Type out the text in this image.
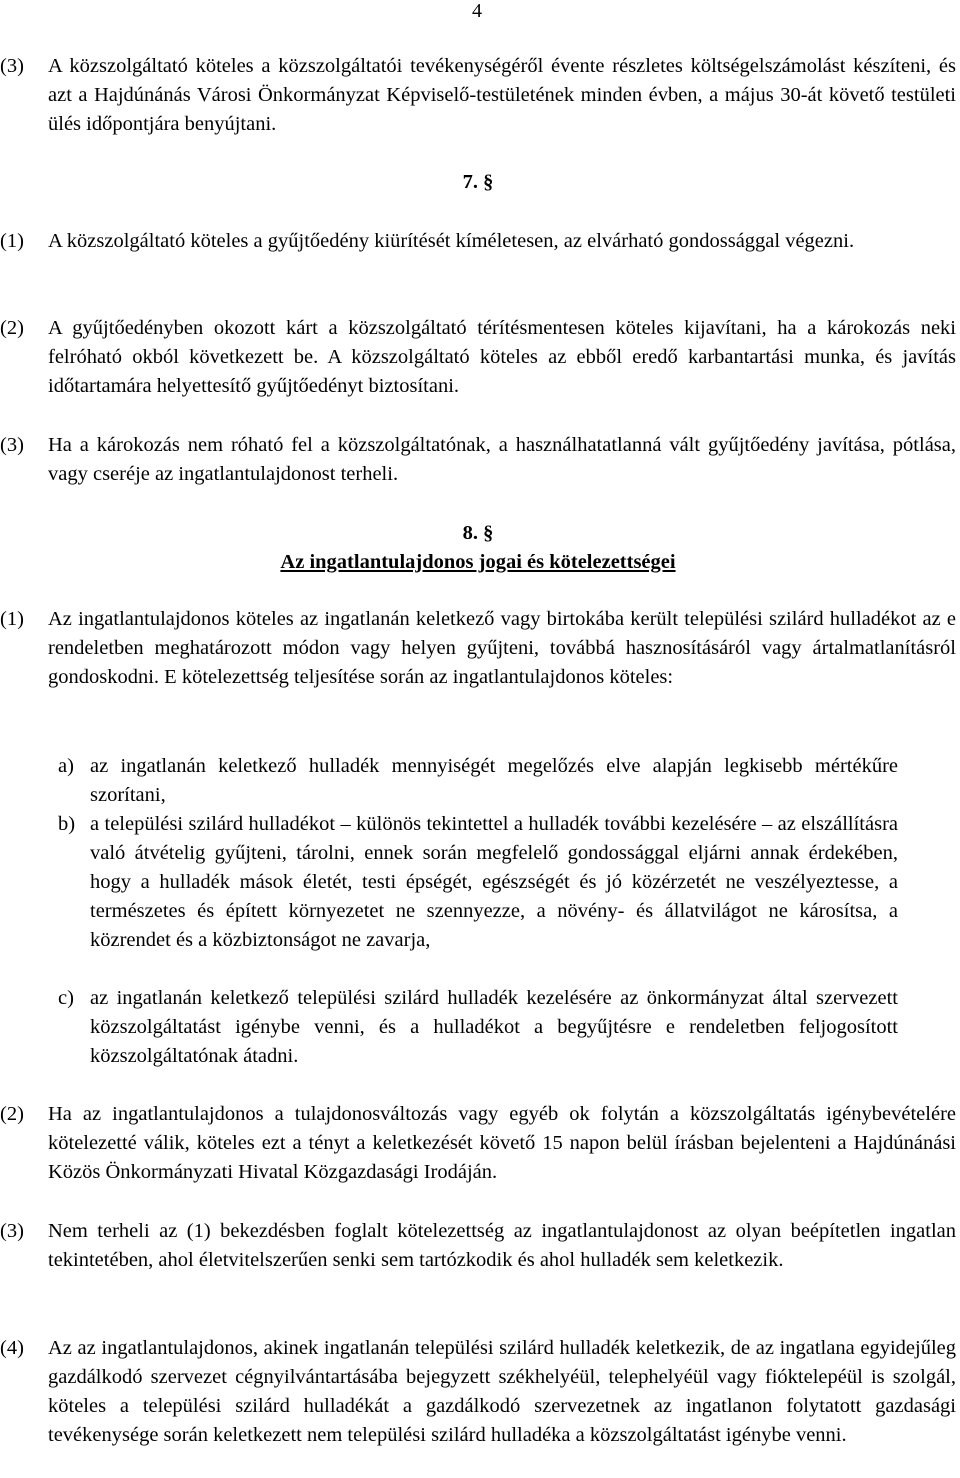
4
(3) A közszolgáltató köteles a közszolgáltatói tevékenységéről évente részletes költségelszámolást készíteni, és azt a Hajdúnánás Városi Önkormányzat Képviselő-testületének minden évben, a május 30-át követő testületi ülés időpontjára benyújtani.
7. §
(1) A közszolgáltató köteles a gyűjtőedény kiürítését kíméletesen, az elvárható gondossággal végezni.
(2) A gyűjtőedényben okozott kárt a közszolgáltató térítésmentesen köteles kijavítani, ha a károkozás neki felróható okból következett be. A közszolgáltató köteles az ebből eredő karbantartási munka, és javítás időtartamára helyettesítő gyűjtőedényt biztosítani.
(3) Ha a károkozás nem róható fel a közszolgáltatónak, a használhatatlanná vált gyűjtőedény javítása, pótlása, vagy cseréje az ingatlantulajdonost terheli.
8. §
Az ingatlantulajdonos jogai és kötelezettségei
(1) Az ingatlantulajdonos köteles az ingatlanán keletkező vagy birtokába került települési szilárd hulladékot az e rendeletben meghatározott módon vagy helyen gyűjteni, továbbá hasznosításáról vagy ártalmatlanításról gondoskodni. E kötelezettség teljesítése során az ingatlantulajdonos köteles:
a) az ingatlanán keletkező hulladék mennyiségét megelőzés elve alapján legkisebb mértékűre szorítani,
b) a települési szilárd hulladékot – különös tekintettel a hulladék további kezelésére – az elszállításra való átvételig gyűjteni, tárolni, ennek során megfelelő gondossággal eljárni annak érdekében, hogy a hulladék mások életét, testi épségét, egészségét és jó közérzetét ne veszélyeztesse, a természetes és épített környezetet ne szennyezze, a növény- és állatvilágot ne károsítsa, a közrendet és a közbiztonságot ne zavarja,
c) az ingatlanán keletkező települési szilárd hulladék kezelésére az önkormányzat által szervezett közszolgáltatást igénybe venni, és a hulladékot a begyűjtésre e rendeletben feljogosított közszolgáltatónak átadni.
(2) Ha az ingatlantulajdonos a tulajdonosváltozás vagy egyéb ok folytán a közszolgáltatás igénybevételére kötelezetté válik, köteles ezt a tényt a keletkezését követő 15 napon belül írásban bejelenteni a Hajdúnánási Közös Önkormányzati Hivatal Közgazdasági Irodáján.
(3) Nem terheli az (1) bekezdésben foglalt kötelezettség az ingatlantulajdonost az olyan beépítetlen ingatlan tekintetében, ahol életvitelszerűen senki sem tartózkodik és ahol hulladék sem keletkezik.
(4) Az az ingatlantulajdonos, akinek ingatlanán települési szilárd hulladék keletkezik, de az ingatlana egyidejűleg gazdálkodó szervezet cégnyilvántartásába bejegyzett székhelyéül, telephelyéül vagy fióktelepéül is szolgál, köteles a települési szilárd hulladékát a gazdálkodó szervezetnek az ingatlanon folytatott gazdasági tevékenysége során keletkezett nem települési szilárd hulladéka a közszolgáltatást igénybe venni.
